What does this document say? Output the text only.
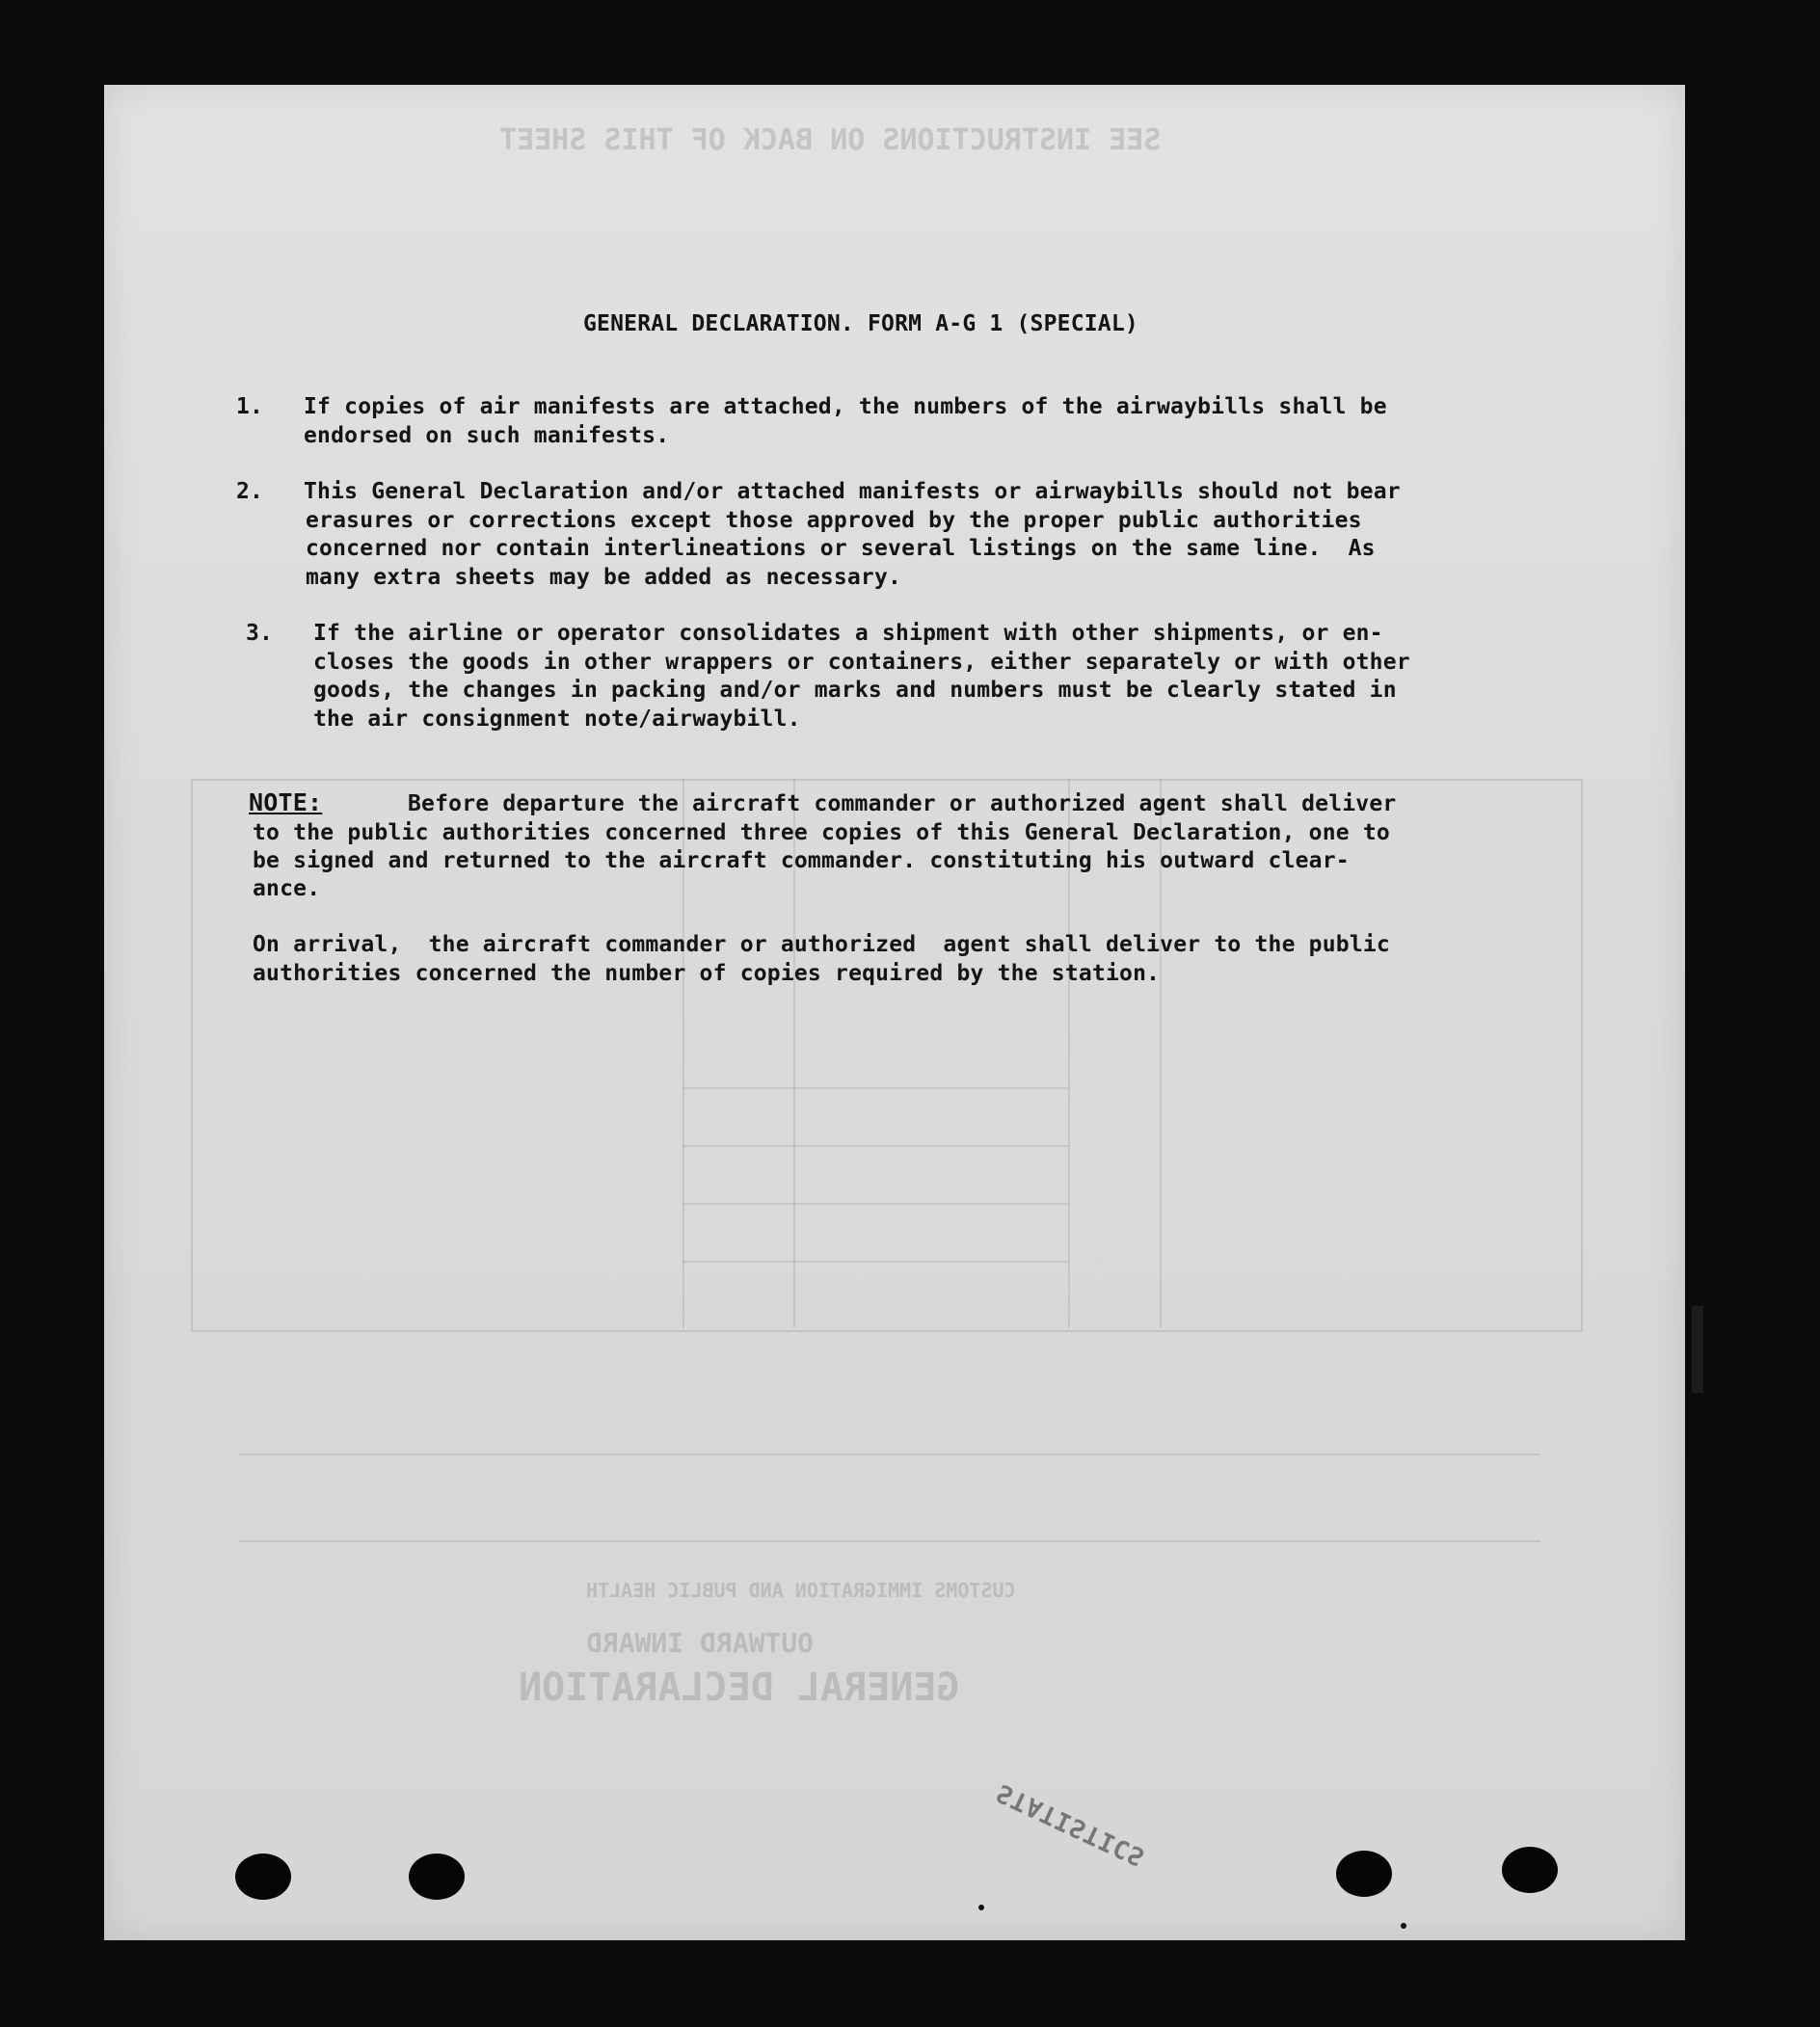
SEE INSTRUCTIONS ON BACK OF THIS SHEET
GENERAL DECLARATION
OUTWARD INWARD
CUSTOMS IMMIGRATION AND PUBLIC HEALTH
STATISTICS
GENERAL DECLARATION. FORM A-G 1 (SPECIAL)
1. If copies of air manifests are attached, the numbers of the airwaybills shall be
endorsed on such manifests.
2. This General Declaration and/or attached manifests or airwaybills should not bear
erasures or corrections except those approved by the proper public authorities
concerned nor contain interlineations or several listings on the same line.  As
many extra sheets may be added as necessary.
3. If the airline or operator consolidates a shipment with other shipments, or en-
closes the goods in other wrappers or containers, either separately or with other
goods, the changes in packing and/or marks and numbers must be clearly stated in
the air consignment note/airwaybill.
NOTE:	Before departure the aircraft commander or authorized agent shall deliver
to the public authorities concerned three copies of this General Declaration, one to
be signed and returned to the aircraft commander. constituting his outward clear-
ance.
On arrival,  the aircraft commander or authorized  agent shall deliver to the public
authorities concerned the number of copies required by the station.
